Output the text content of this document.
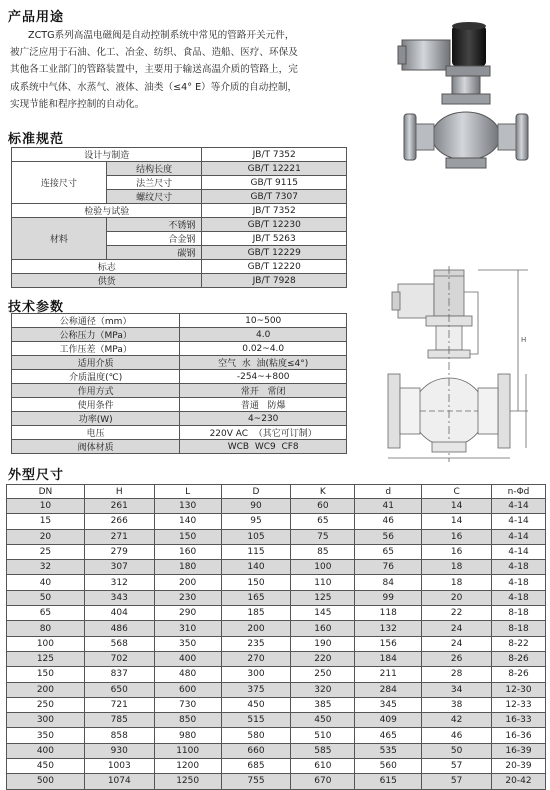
产品用途
ZCTG系列高温电磁阀是自动控制系统中常见的管路开关元件，
被广泛应用于石油、化工、冶金、纺织、食品、造船、医疗、环保及
其他各工业部门的管路装置中，主要用于输送高温介质的管路上，完
成系统中气体、水蒸气、液体、油类（≤4° E）等介质的自动控制，
实现节能和程序控制的自动化。
标准规范
设计与制造		JB/T 7352
连接尺寸	结构长度	GB/T 12221
	法兰尺寸	GB/T 9115
	螺纹尺寸	GB/T 7307
检验与试验		JB/T 7352
材料	不锈钢	GB/T 12230
	合金钢	JB/T 5263
	碳钢	GB/T 12229
标志		GB/T 12220
供货		JB/T 7928
技术参数
公称通径（mm）	10~500
公称压力（MPa）	4.0
工作压差（MPa）	0.02~4.0
适用介质	空气  水  油(粘度≤4°)
介质温度(℃)	-254~+800
作用方式	常开   常闭
使用条件	普通   防爆
功率(W)	4~230
电压	220V AC  （其它可订制）
阀体材质	WCB  WC9  CF8
H
外型尺寸
DN	H	L	D	K	d	C	n-Φd
10	261	130	90	60	41	14	4-14
15	266	140	95	65	46	14	4-14
20	271	150	105	75	56	16	4-14
25	279	160	115	85	65	16	4-14
32	307	180	140	100	76	18	4-18
40	312	200	150	110	84	18	4-18
50	343	230	165	125	99	20	4-18
65	404	290	185	145	118	22	8-18
80	486	310	200	160	132	24	8-18
100	568	350	235	190	156	24	8-22
125	702	400	270	220	184	26	8-26
150	837	480	300	250	211	28	8-26
200	650	600	375	320	284	34	12-30
250	721	730	450	385	345	38	12-33
300	785	850	515	450	409	42	16-33
350	858	980	580	510	465	46	16-36
400	930	1100	660	585	535	50	16-39
450	1003	1200	685	610	560	57	20-39
500	1074	1250	755	670	615	57	20-42
